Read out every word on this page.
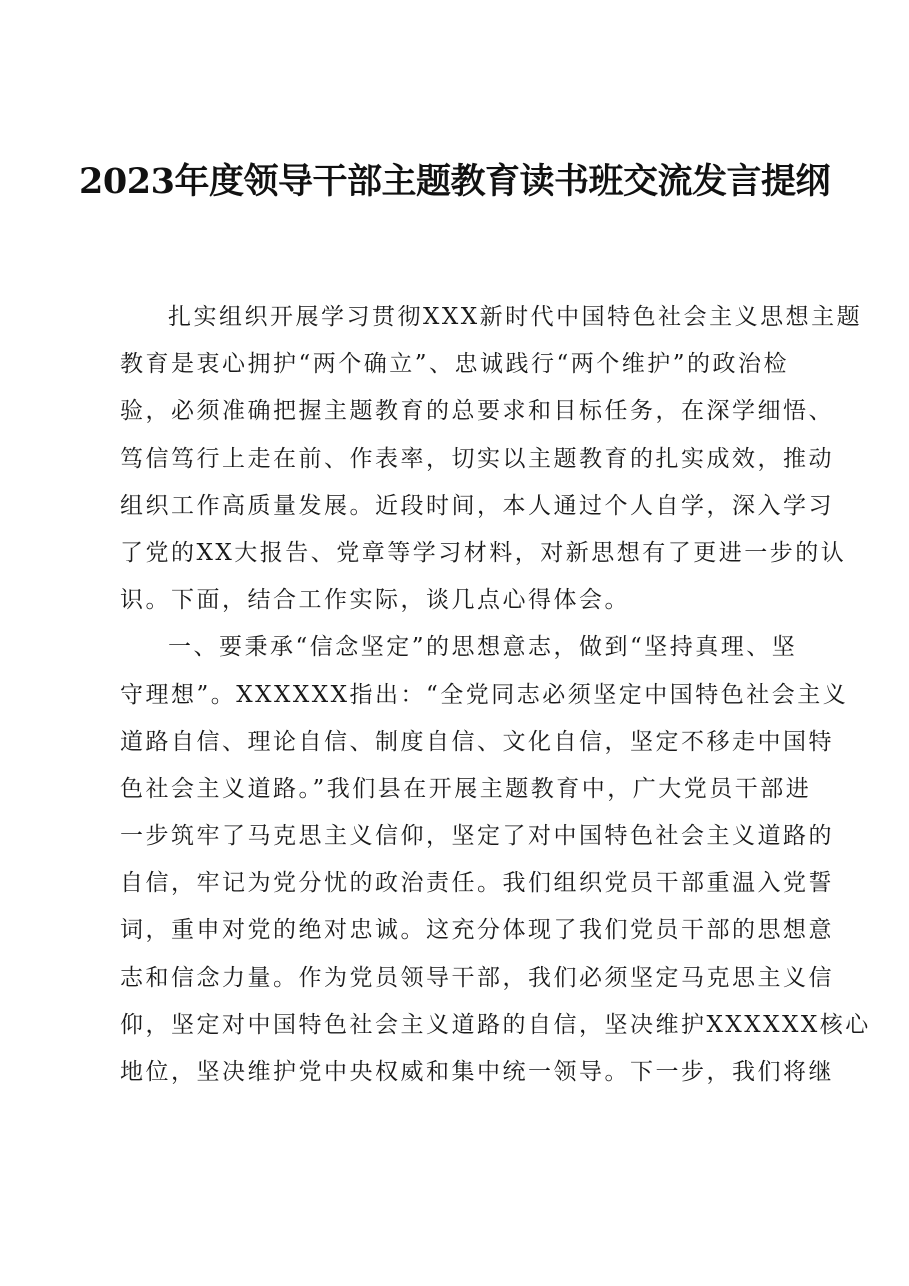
2023年度领导干部主题教育读书班交流发言提纲
扎实组织开展学习贯彻XXX新时代中国特色社会主义思想主题
教育是衷心拥护“两个确立”、忠诚践行“两个维护”的政治检
验，必须准确把握主题教育的总要求和目标任务，在深学细悟、
笃信笃行上走在前、作表率，切实以主题教育的扎实成效，推动
组织工作高质量发展。近段时间，本人通过个人自学，深入学习
了党的XX大报告、党章等学习材料，对新思想有了更进一步的认
识。下面，结合工作实际，谈几点心得体会。
一、要秉承“信念坚定”的思想意志，做到“坚持真理、坚
守理想”。XXXXXX指出：“全党同志必须坚定中国特色社会主义
道路自信、理论自信、制度自信、文化自信，坚定不移走中国特
色社会主义道路。”我们县在开展主题教育中，广大党员干部进
一步筑牢了马克思主义信仰，坚定了对中国特色社会主义道路的
自信，牢记为党分忧的政治责任。我们组织党员干部重温入党誓
词，重申对党的绝对忠诚。这充分体现了我们党员干部的思想意
志和信念力量。作为党员领导干部，我们必须坚定马克思主义信
仰，坚定对中国特色社会主义道路的自信，坚决维护XXXXXX核心
地位，坚决维护党中央权威和集中统一领导。下一步，我们将继
